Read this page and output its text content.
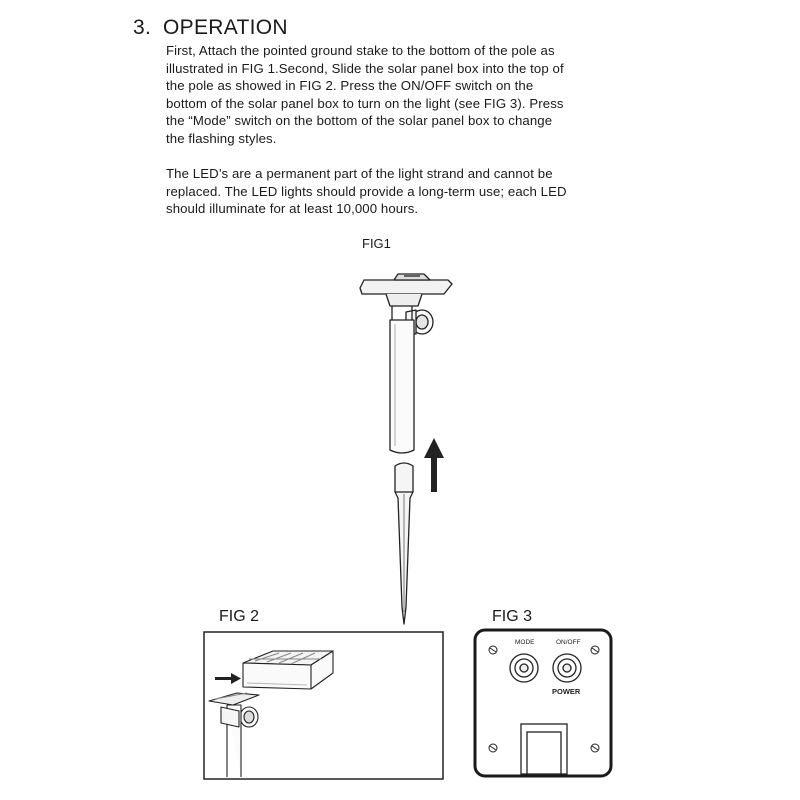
3. OPERATION
First, Attach the pointed ground stake to the bottom of the pole as
illustrated in FIG 1.Second, Slide the solar panel box into the top of
the pole as showed in FIG 2. Press the ON/OFF switch on the
bottom of the solar panel box to turn on the light (see FIG 3). Press
the “Mode” switch on the bottom of the solar panel box to change
the flashing styles.
The LED’s are a permanent part of the light strand and cannot be
replaced. The LED lights should provide a long-term use; each LED
should illuminate for at least 10,000 hours.
FIG1
FIG 2	FIG 3
MODE	ON/OFF
POWER
